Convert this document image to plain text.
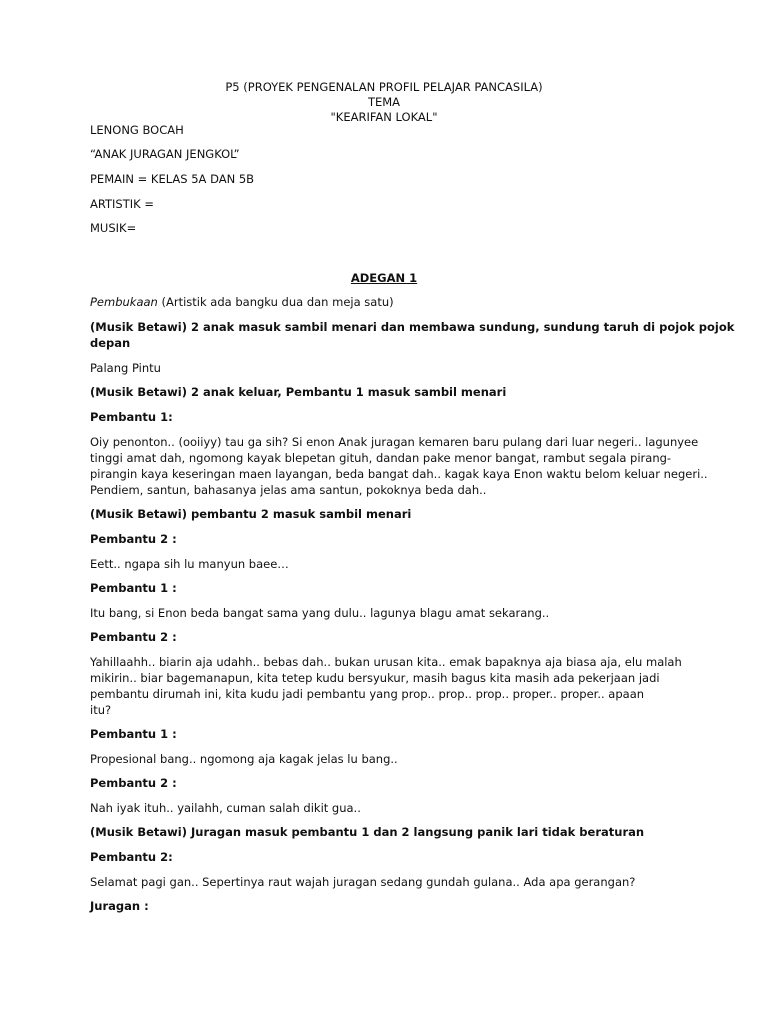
P5 (PROYEK PENGENALAN PROFIL PELAJAR PANCASILA)
TEMA
"KEARIFAN LOKAL"
LENONG BOCAH
“ANAK JURAGAN JENGKOL”
PEMAIN = KELAS 5A DAN 5B
ARTISTIK =
MUSIK=
ADEGAN 1
Pembukaan (Artistik ada bangku dua dan meja satu)
(Musik Betawi) 2 anak masuk sambil menari dan membawa sundung, sundung taruh di pojok pojok
depan
Palang Pintu
(Musik Betawi) 2 anak keluar, Pembantu 1 masuk sambil menari
Pembantu 1:
Oiy penonton.. (ooiiyy) tau ga sih? Si enon Anak juragan kemaren baru pulang dari luar negeri.. lagunyee
tinggi amat dah, ngomong kayak blepetan gituh, dandan pake menor bangat, rambut segala pirang-
pirangin kaya keseringan maen layangan, beda bangat dah.. kagak kaya Enon waktu belom keluar negeri..
Pendiem, santun, bahasanya jelas ama santun, pokoknya beda dah..
(Musik Betawi) pembantu 2 masuk sambil menari
Pembantu 2 :
Eett.. ngapa sih lu manyun baee…
Pembantu 1 :
Itu bang, si Enon beda bangat sama yang dulu.. lagunya blagu amat sekarang..
Pembantu 2 :
Yahillaahh.. biarin aja udahh.. bebas dah.. bukan urusan kita.. emak bapaknya aja biasa aja, elu malah
mikirin.. biar bagemanapun, kita tetep kudu bersyukur, masih bagus kita masih ada pekerjaan jadi
pembantu dirumah ini, kita kudu jadi pembantu yang prop.. prop.. prop.. proper.. proper.. apaan
itu?
Pembantu 1 :
Propesional bang.. ngomong aja kagak jelas lu bang..
Pembantu 2 :
Nah iyak ituh.. yailahh, cuman salah dikit gua..
(Musik Betawi) Juragan masuk pembantu 1 dan 2 langsung panik lari tidak beraturan
Pembantu 2:
Selamat pagi gan.. Sepertinya raut wajah juragan sedang gundah gulana.. Ada apa gerangan?
Juragan :
